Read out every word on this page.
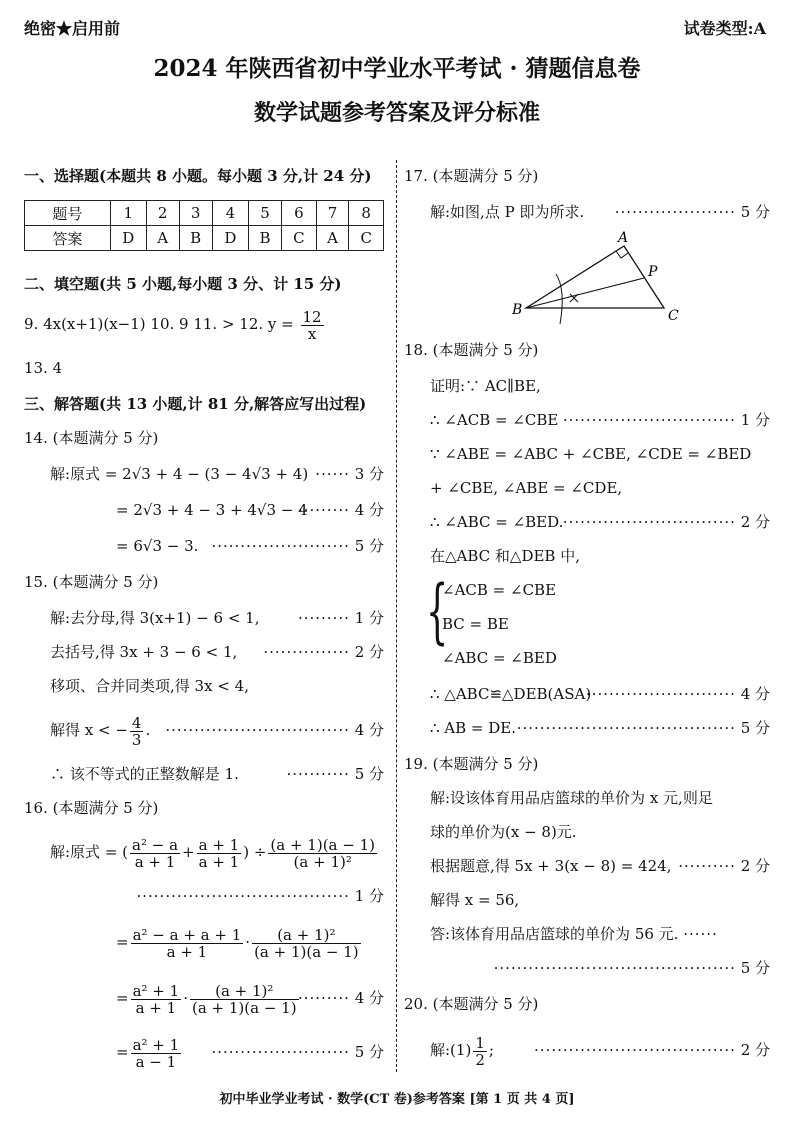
绝密★启用前	试卷类型:A
2024 年陕西省初中学业水平考试 · 猜题信息卷
数学试题参考答案及评分标准
一、选择题(本题共 8 小题。每小题 3 分,计 24 分)
题号	1	2	3	4	5	6	7	8
答案	D	A	B	D	B	C	A	C
二、填空题(共 5 小题,每小题 3 分、计 15 分)
9. 4x(x+1)(x−1) 10. 9 11. > 12. $y = \frac{12}{x}$
13. 4
三、解答题(共 13 小题,计 81 分,解答应写出过程)
14. (本题满分 5 分)
解:原式 = 2√3 + 4 − (3 − 4√3 + 4) ······ 3 分
= 2√3 + 4 − 3 + 4√3 − 4
········· 4 分
= 6√3 − 3. ························ 5 分
15. (本题满分 5 分)
解:去分母,得 3(x+1) − 6 < 1,	········· 1 分
去括号,得 3x + 3 − 6 < 1, ··············· 2 分
移项、合并同类项,得 3x < 4,
解得 x < − $\frac{4}{3}$ . ································ 4 分
∴ 该不等式的正整数解是 1.	··········· 5 分
16. (本题满分 5 分)
解:原式 = ( $\frac{\text{a² − a}}{a + 1} + \frac{a + 1}{a + 1}$ ) ÷ $\frac{(a + 1)(a - 1)}{\text{(a + 1)²}}$
····································· 1 分
= $\frac{\text{a² − a + a + 1}}{a + 1} \cdot \frac{\text{(a + 1)²}}{(a + 1)(a - 1)}$
= $\frac{\text{a² + 1}}{a + 1} \cdot \frac{\text{(a + 1)²}}{(a + 1)(a - 1)}$ ········· 4 分
= $\frac{\text{a² + 1}}{a - 1}$ ························ 5 分
17. (本题满分 5 分)
解:如图,点 P 即为所求. ····················· 5 分
A
B	C
P
18. (本题满分 5 分)
证明:∵ AC∥BE,
∴ ∠ACB = ∠CBE ······························ 1 分
∵ ∠ABE = ∠ABC + ∠CBE, ∠CDE = ∠BED
+ ∠CBE, ∠ABE = ∠CDE,
∴ ∠ABC = ∠BED. ······························ 2 分
在△ABC 和△DEB 中,
{
∠ACB = ∠CBE
BC = BE
∠ABC = ∠BED
∴ △ABC≌△DEB(ASA)
·························· 4 分
∴ AB = DE. ······································ 5 分
19. (本题满分 5 分)
解:设该体育用品店篮球的单价为 x 元,则足
球的单价为(x − 8)元.
根据题意,得 5x + 3(x − 8) = 424, ·········· 2 分
解得 x = 56,
答:该体育用品店篮球的单价为 56 元. ······
·········································· 5 分
20. (本题满分 5 分)
解:(1) $\frac{1}{2}$ ;	··································· 2 分
初中毕业学业考试 · 数学(CT 卷)参考答案 [第 1 页 共 4 页]
